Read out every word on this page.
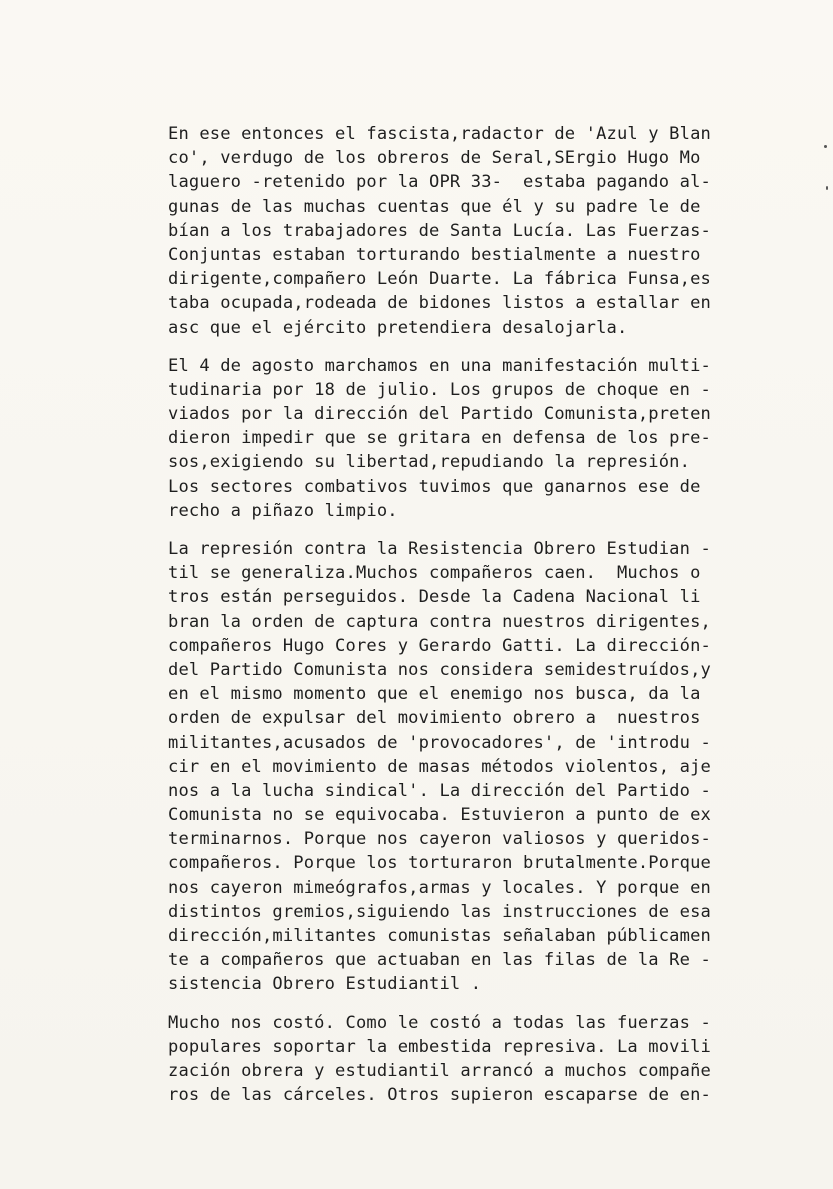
En ese entonces el fascista,radactor de 'Azul y Blan
co', verdugo de los obreros de Seral,SErgio Hugo Mo
laguero -retenido por la OPR 33-  estaba pagando al-
gunas de las muchas cuentas que él y su padre le de
bían a los trabajadores de Santa Lucía. Las Fuerzas-
Conjuntas estaban torturando bestialmente a nuestro
dirigente,compañero León Duarte. La fábrica Funsa,es
taba ocupada,rodeada de bidones listos a estallar en
asc que el ejército pretendiera desalojarla.
El 4 de agosto marchamos en una manifestación multi-
tudinaria por 18 de julio. Los grupos de choque en -
viados por la dirección del Partido Comunista,preten
dieron impedir que se gritara en defensa de los pre-
sos,exigiendo su libertad,repudiando la represión.
Los sectores combativos tuvimos que ganarnos ese de
recho a piñazo limpio.
La represión contra la Resistencia Obrero Estudian -
til se generaliza.Muchos compañeros caen.  Muchos o
tros están perseguidos. Desde la Cadena Nacional li
bran la orden de captura contra nuestros dirigentes,
compañeros Hugo Cores y Gerardo Gatti. La dirección-
del Partido Comunista nos considera semidestruídos,y
en el mismo momento que el enemigo nos busca, da la
orden de expulsar del movimiento obrero a  nuestros
militantes,acusados de 'provocadores', de 'introdu -
cir en el movimiento de masas métodos violentos, aje
nos a la lucha sindical'. La dirección del Partido -
Comunista no se equivocaba. Estuvieron a punto de ex
terminarnos. Porque nos cayeron valiosos y queridos-
compañeros. Porque los torturaron brutalmente.Porque
nos cayeron mimeógrafos,armas y locales. Y porque en
distintos gremios,siguiendo las instrucciones de esa
dirección,militantes comunistas señalaban públicamen
te a compañeros que actuaban en las filas de la Re -
sistencia Obrero Estudiantil .
Mucho nos costó. Como le costó a todas las fuerzas -
populares soportar la embestida represiva. La movili
zación obrera y estudiantil arrancó a muchos compañe
ros de las cárceles. Otros supieron escaparse de en-
